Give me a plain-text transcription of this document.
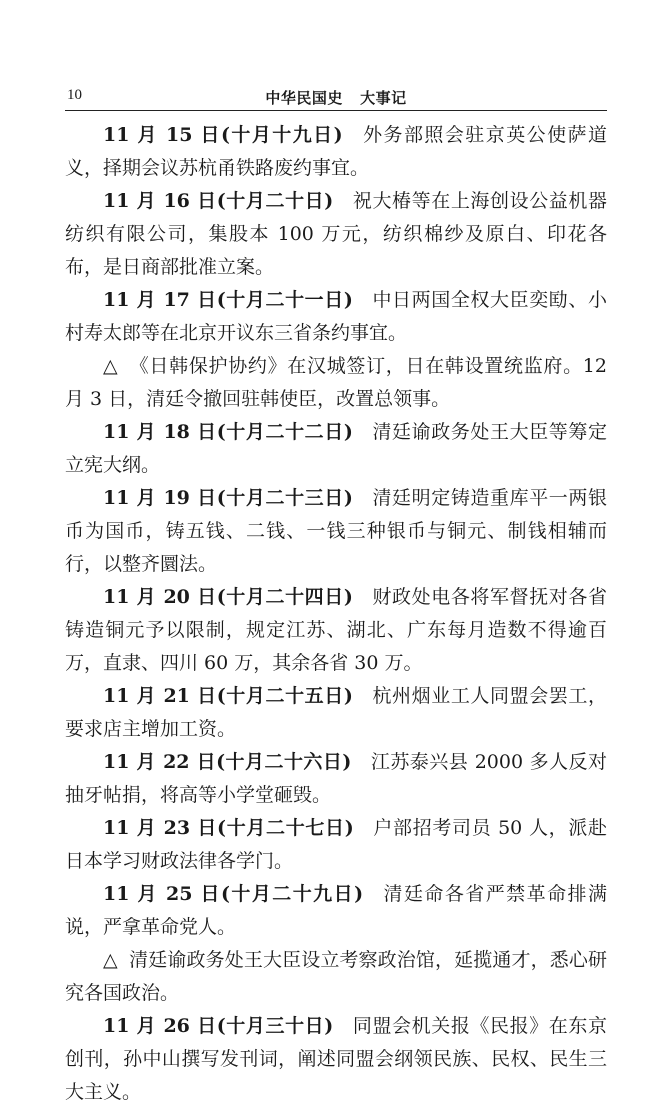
10	中华民国史   大事记

11 月 15 日(十月十九日) 外务部照会驻京英公使萨道义，择期会议苏杭甬铁路废约事宜。

11 月 16 日(十月二十日) 祝大椿等在上海创设公益机器纺织有限公司，集股本 100 万元，纺织棉纱及原白、印花各布，是日商部批准立案。

11 月 17 日(十月二十一日) 中日两国全权大臣奕劻、小村寿太郎等在北京开议东三省条约事宜。

△ 《日韩保护协约》在汉城签订，日在韩设置统监府。12 月 3 日，清廷令撤回驻韩使臣，改置总领事。

11 月 18 日(十月二十二日) 清廷谕政务处王大臣等筹定立宪大纲。

11 月 19 日(十月二十三日) 清廷明定铸造重库平一两银币为国币，铸五钱、二钱、一钱三种银币与铜元、制钱相辅而行，以整齐圜法。

11 月 20 日(十月二十四日) 财政处电各将军督抚对各省铸造铜元予以限制，规定江苏、湖北、广东每月造数不得逾百万，直隶、四川 60 万，其余各省 30 万。

11 月 21 日(十月二十五日) 杭州烟业工人同盟会罢工，要求店主增加工资。

11 月 22 日(十月二十六日) 江苏泰兴县 2000 多人反对抽牙帖捐，将高等小学堂砸毁。

11 月 23 日(十月二十七日) 户部招考司员 50 人，派赴日本学习财政法律各学门。

11 月 25 日(十月二十九日) 清廷命各省严禁革命排满说，严拿革命党人。

△ 清廷谕政务处王大臣设立考察政治馆，延揽通才，悉心研究各国政治。

11 月 26 日(十月三十日) 同盟会机关报《民报》在东京创刊，孙中山撰写发刊词，阐述同盟会纲领民族、民权、民生三大主义。
